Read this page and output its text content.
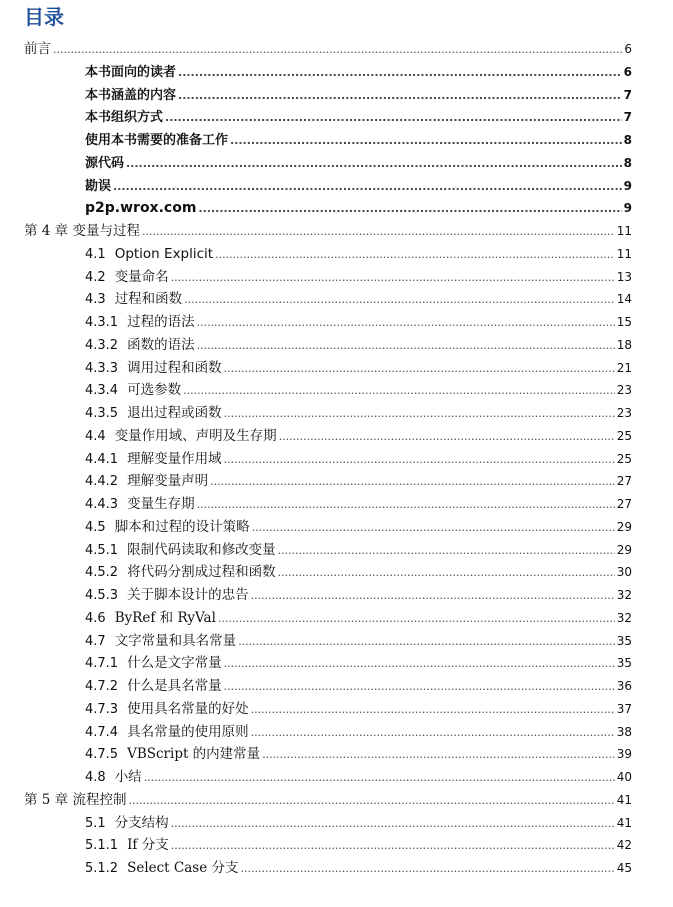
目录
前言 .....	6
本书面向的读者 .....	6
本书涵盖的内容 .....	7
本书组织方式 .....	7
使用本书需要的准备工作 .....	8
源代码 .....	8
勘误 .....	9
p2p.wrox.com .....	9
第 4 章 变量与过程 .....	11
4.1 Option Explicit .....	11
4.2 变量命名 .....	13
4.3 过程和函数 .....	14
4.3.1 过程的语法 .....	15
4.3.2 函数的语法 .....	18
4.3.3 调用过程和函数 .....	21
4.3.4 可选参数 .....	23
4.3.5 退出过程或函数 .....	23
4.4 变量作用域、声明及生存期 .....	25
4.4.1 理解变量作用域 .....	25
4.4.2 理解变量声明 .....	27
4.4.3 变量生存期 .....	27
4.5 脚本和过程的设计策略 .....	29
4.5.1 限制代码读取和修改变量 .....	29
4.5.2 将代码分割成过程和函数 .....	30
4.5.3 关于脚本设计的忠告 .....	32
4.6 ByRef 和 RyVal .....	32
4.7 文字常量和具名常量 .....	35
4.7.1 什么是文字常量 .....	35
4.7.2 什么是具名常量 .....	36
4.7.3 使用具名常量的好处 .....	37
4.7.4 具名常量的使用原则 .....	38
4.7.5 VBScript 的内建常量 .....	39
4.8 小结 .....	40
第 5 章 流程控制 .....	41
5.1 分支结构 .....	41
5.1.1 If 分支 .....	42
5.1.2 Select Case 分支 .....	45
